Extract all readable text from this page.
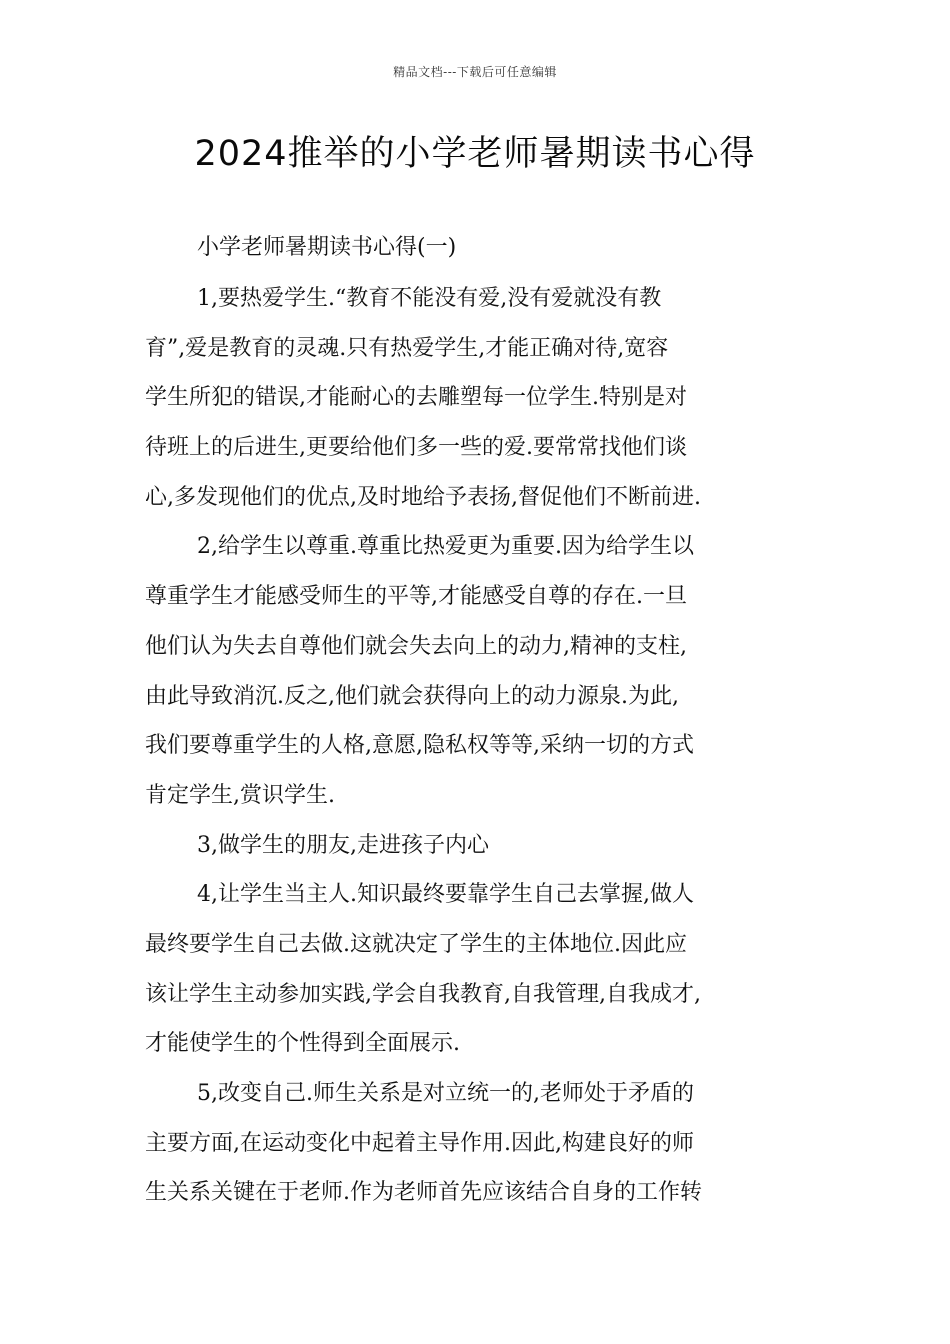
精品文档---下载后可任意编辑
2024推举的小学老师暑期读书心得
小学老师暑期读书心得(一)
1,要热爱学生.“教育不能没有爱,没有爱就没有教
育”,爱是教育的灵魂.只有热爱学生,才能正确对待,宽容
学生所犯的错误,才能耐心的去雕塑每一位学生.特别是对
待班上的后进生,更要给他们多一些的爱.要常常找他们谈
心,多发现他们的优点,及时地给予表扬,督促他们不断前进.
2,给学生以尊重.尊重比热爱更为重要.因为给学生以
尊重学生才能感受师生的平等,才能感受自尊的存在.一旦
他们认为失去自尊他们就会失去向上的动力,精神的支柱,
由此导致消沉.反之,他们就会获得向上的动力源泉.为此,
我们要尊重学生的人格,意愿,隐私权等等,采纳一切的方式
肯定学生,赏识学生.
3,做学生的朋友,走进孩子内心
4,让学生当主人.知识最终要靠学生自己去掌握,做人
最终要学生自己去做.这就决定了学生的主体地位.因此应
该让学生主动参加实践,学会自我教育,自我管理,自我成才,
才能使学生的个性得到全面展示.
5,改变自己.师生关系是对立统一的,老师处于矛盾的
主要方面,在运动变化中起着主导作用.因此,构建良好的师
生关系关键在于老师.作为老师首先应该结合自身的工作转
